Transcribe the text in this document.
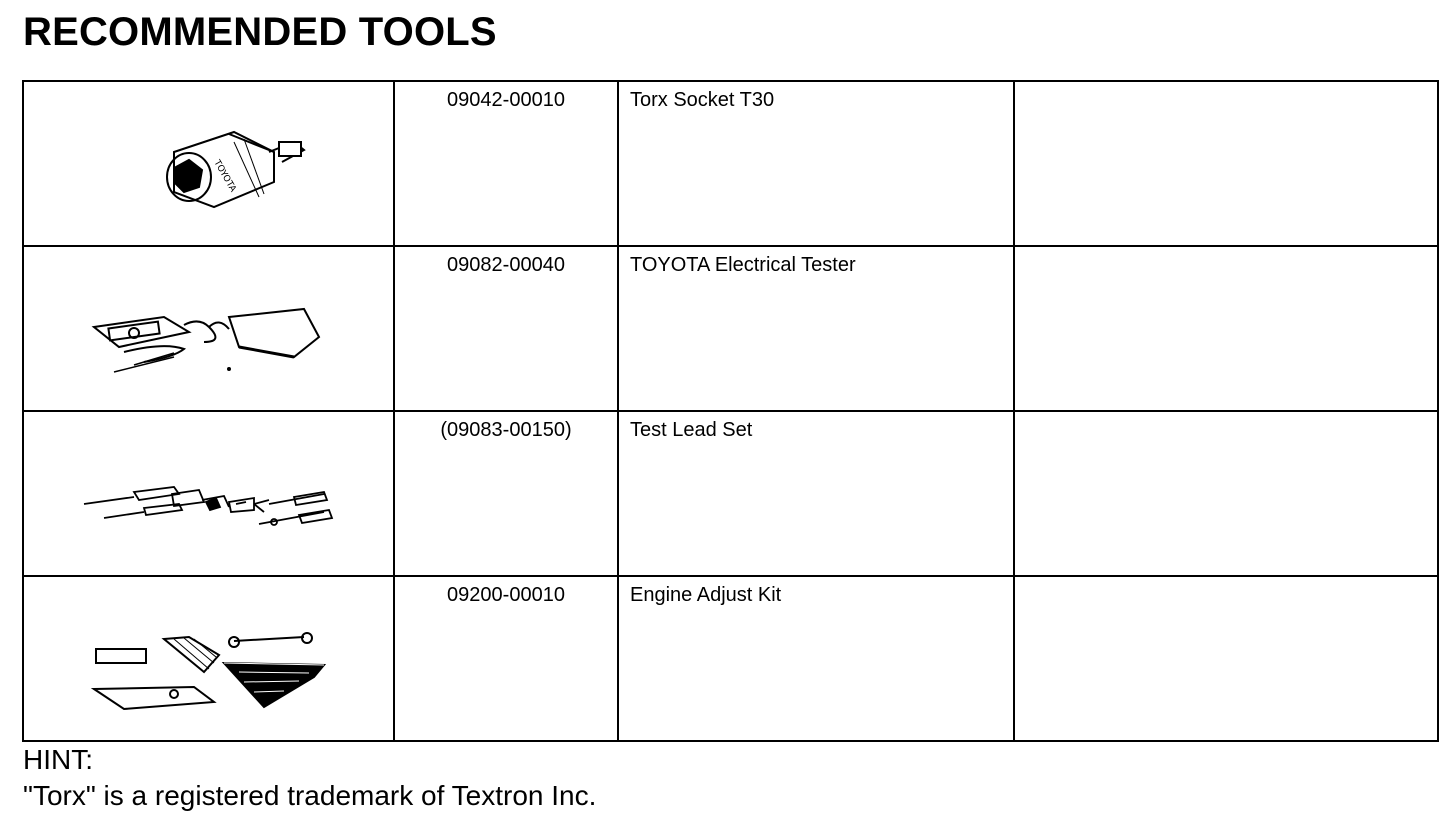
RECOMMENDED TOOLS
TOYOTA	09042-00010	Torx Socket T30	

	09082-00040	TOYOTA Electrical Tester	

	(09083-00150)	Test Lead Set	

	09200-00010	Engine Adjust Kit	
HINT:
"Torx" is a registered trademark of Textron Inc.
